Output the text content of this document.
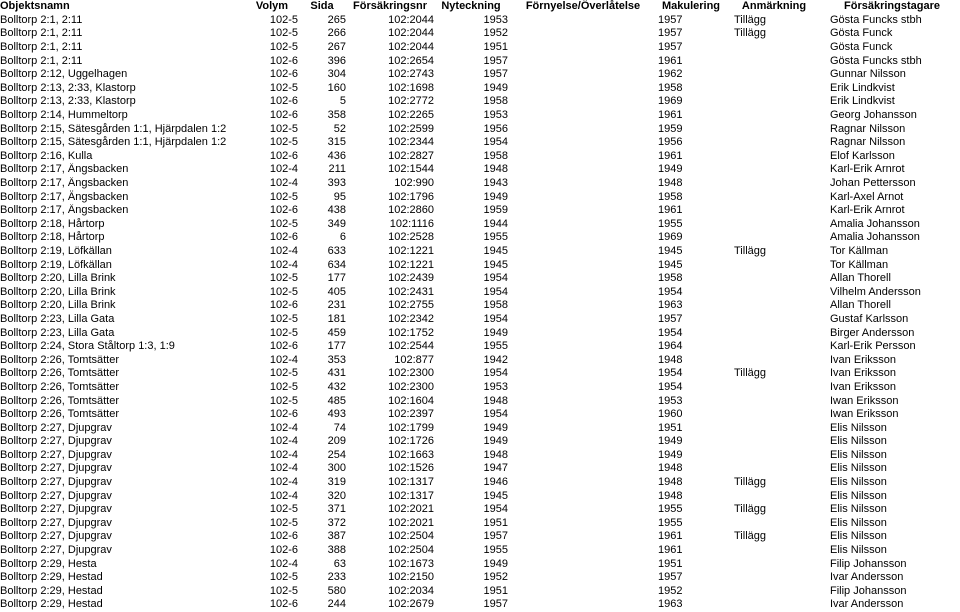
Objektsnamn	Volym	Sida	Försäkringsnr	Nyteckning	Förnyelse/Överlåtelse	Makulering	Anmärkning	Försäkringstagare
Bolltorp 2:1, 2:11	102-5	265	102:2044	1953		1957	Tillägg	Gösta Funcks stbh
Bolltorp 2:1, 2:11	102-5	266	102:2044	1952		1957	Tillägg	Gösta Funck
Bolltorp 2:1, 2:11	102-5	267	102:2044	1951		1957		Gösta Funck
Bolltorp 2:1, 2:11	102-6	396	102:2654	1957		1961		Gösta Funcks stbh
Bolltorp 2:12, Uggelhagen	102-6	304	102:2743	1957		1962		Gunnar Nilsson
Bolltorp 2:13, 2:33, Klastorp	102-5	160	102:1698	1949		1958		Erik Lindkvist
Bolltorp 2:13, 2:33, Klastorp	102-6	5	102:2772	1958		1969		Erik Lindkvist
Bolltorp 2:14, Hummeltorp	102-6	358	102:2265	1953		1961		Georg Johansson
Bolltorp 2:15, Sätesgården 1:1, Hjärpdalen 1:2	102-5	52	102:2599	1956		1959		Ragnar Nilsson
Bolltorp 2:15, Sätesgården 1:1, Hjärpdalen 1:2	102-5	315	102:2344	1954		1956		Ragnar Nilsson
Bolltorp 2:16, Kulla	102-6	436	102:2827	1958		1961		Elof Karlsson
Bolltorp 2:17, Ängsbacken	102-4	211	102:1544	1948		1949		Karl-Erik Arnrot
Bolltorp 2:17, Ängsbacken	102-4	393	102:990	1943		1948		Johan Pettersson
Bolltorp 2:17, Ängsbacken	102-5	95	102:1796	1949		1958		Karl-Axel Arnot
Bolltorp 2:17, Ängsbacken	102-6	438	102:2860	1959		1961		Karl-Erik Arnrot
Bolltorp 2:18, Hårtorp	102-5	349	102:1116	1944		1955		Amalia Johansson
Bolltorp 2:18, Hårtorp	102-6	6	102:2528	1955		1969		Amalia Johansson
Bolltorp 2:19, Löfkällan	102-4	633	102:1221	1945		1945	Tillägg	Tor Källman
Bolltorp 2:19, Löfkällan	102-4	634	102:1221	1945		1945		Tor Källman
Bolltorp 2:20, Lilla Brink	102-5	177	102:2439	1954		1958		Allan Thorell
Bolltorp 2:20, Lilla Brink	102-5	405	102:2431	1954		1954		Vilhelm Andersson
Bolltorp 2:20, Lilla Brink	102-6	231	102:2755	1958		1963		Allan Thorell
Bolltorp 2:23, Lilla Gata	102-5	181	102:2342	1954		1957		Gustaf Karlsson
Bolltorp 2:23, Lilla Gata	102-5	459	102:1752	1949		1954		Birger Andersson
Bolltorp 2:24, Stora Ståltorp 1:3, 1:9	102-6	177	102:2544	1955		1964		Karl-Erik Persson
Bolltorp 2:26, Tomtsätter	102-4	353	102:877	1942		1948		Ivan Eriksson
Bolltorp 2:26, Tomtsätter	102-5	431	102:2300	1954		1954	Tillägg	Ivan Eriksson
Bolltorp 2:26, Tomtsätter	102-5	432	102:2300	1953		1954		Ivan Eriksson
Bolltorp 2:26, Tomtsätter	102-5	485	102:1604	1948		1953		Iwan Eriksson
Bolltorp 2:26, Tomtsätter	102-6	493	102:2397	1954		1960		Iwan Eriksson
Bolltorp 2:27, Djupgrav	102-4	74	102:1799	1949		1951		Elis Nilsson
Bolltorp 2:27, Djupgrav	102-4	209	102:1726	1949		1949		Elis Nilsson
Bolltorp 2:27, Djupgrav	102-4	254	102:1663	1948		1949		Elis Nilsson
Bolltorp 2:27, Djupgrav	102-4	300	102:1526	1947		1948		Elis Nilsson
Bolltorp 2:27, Djupgrav	102-4	319	102:1317	1946		1948	Tillägg	Elis Nilsson
Bolltorp 2:27, Djupgrav	102-4	320	102:1317	1945		1948		Elis Nilsson
Bolltorp 2:27, Djupgrav	102-5	371	102:2021	1954		1955	Tillägg	Elis Nilsson
Bolltorp 2:27, Djupgrav	102-5	372	102:2021	1951		1955		Elis Nilsson
Bolltorp 2:27, Djupgrav	102-6	387	102:2504	1957		1961	Tillägg	Elis Nilsson
Bolltorp 2:27, Djupgrav	102-6	388	102:2504	1955		1961		Elis Nilsson
Bolltorp 2:29, Hesta	102-4	63	102:1673	1949		1951		Filip Johansson
Bolltorp 2:29, Hestad	102-5	233	102:2150	1952		1957		Ivar Andersson
Bolltorp 2:29, Hestad	102-5	580	102:2034	1951		1952		Filip Johansson
Bolltorp 2:29, Hestad	102-6	244	102:2679	1957		1963		Ivar Andersson
